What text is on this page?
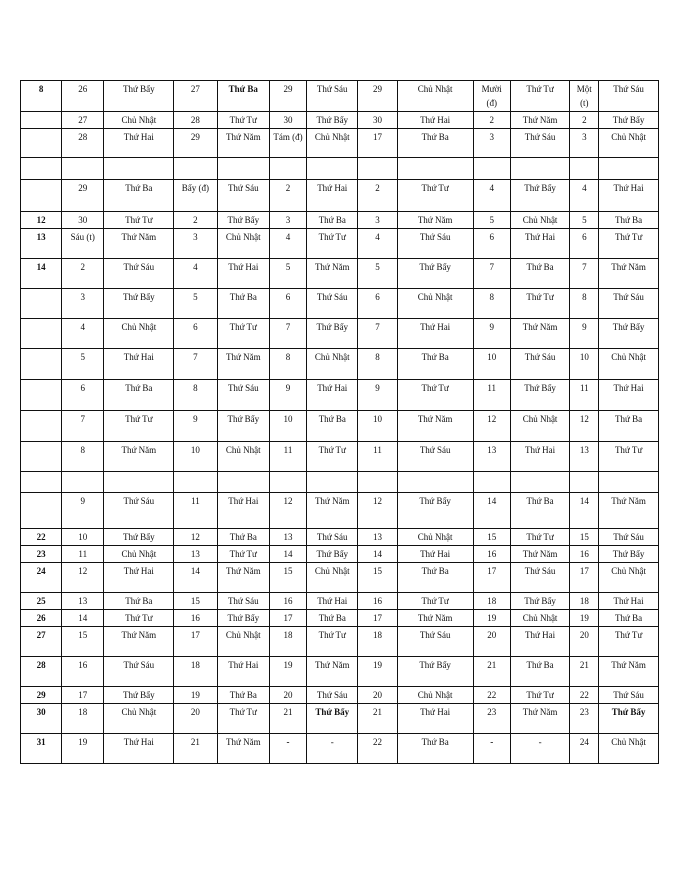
8	26	Thứ Bẩy	27	Thứ Ba	29	Thứ Sáu	29	Chủ Nhật	Mười (đ)	Thứ Tư	Một (t)	Thứ Sáu
	27	Chủ Nhật	28	Thứ Tư	30	Thứ Bẩy	30	Thứ Hai	2	Thứ Năm	2	Thứ Bẩy
	28	Thứ Hai	29	Thứ Năm	Tám (đ)	Chủ Nhật	17	Thứ Ba	3	Thứ Sáu	3	Chủ Nhật

	29	Thứ Ba	Bẩy (đ)	Thứ Sáu	2	Thứ Hai	2	Thứ Tư	4	Thứ Bẩy	4	Thứ Hai
12	30	Thứ Tư	2	Thứ Bẩy	3	Thứ Ba	3	Thứ Năm	5	Chủ Nhật	5	Thứ Ba
13	Sáu (t)	Thứ Năm	3	Chủ Nhật	4	Thứ Tư	4	Thứ Sáu	6	Thứ Hai	6	Thứ Tư
14	2	Thứ Sáu	4	Thứ Hai	5	Thứ Năm	5	Thứ Bẩy	7	Thứ Ba	7	Thứ Năm
	3	Thứ Bẩy	5	Thứ Ba	6	Thứ Sáu	6	Chủ Nhật	8	Thứ Tư	8	Thứ Sáu
	4	Chủ Nhật	6	Thứ Tư	7	Thứ Bẩy	7	Thứ Hai	9	Thứ Năm	9	Thứ Bẩy
	5	Thứ Hai	7	Thứ Năm	8	Chủ Nhật	8	Thứ Ba	10	Thứ Sáu	10	Chủ Nhật
	6	Thứ Ba	8	Thứ Sáu	9	Thứ Hai	9	Thứ Tư	11	Thứ Bẩy	11	Thứ Hai
	7	Thứ Tư	9	Thứ Bẩy	10	Thứ Ba	10	Thứ Năm	12	Chủ Nhật	12	Thứ Ba
	8	Thứ Năm	10	Chủ Nhật	11	Thứ Tư	11	Thứ Sáu	13	Thứ Hai	13	Thứ Tư

	9	Thứ Sáu	11	Thứ Hai	12	Thứ Năm	12	Thứ Bẩy	14	Thứ Ba	14	Thứ Năm
22	10	Thứ Bẩy	12	Thứ Ba	13	Thứ Sáu	13	Chủ Nhật	15	Thứ Tư	15	Thứ Sáu
23	11	Chủ Nhật	13	Thứ Tư	14	Thứ Bẩy	14	Thứ Hai	16	Thứ Năm	16	Thứ Bẩy
24	12	Thứ Hai	14	Thứ Năm	15	Chủ Nhật	15	Thứ Ba	17	Thứ Sáu	17	Chủ Nhật
25	13	Thứ Ba	15	Thứ Sáu	16	Thứ Hai	16	Thứ Tư	18	Thứ Bẩy	18	Thứ Hai
26	14	Thứ Tư	16	Thứ Bẩy	17	Thứ Ba	17	Thứ Năm	19	Chủ Nhật	19	Thứ Ba
27	15	Thứ Năm	17	Chủ Nhật	18	Thứ Tư	18	Thứ Sáu	20	Thứ Hai	20	Thứ Tư
28	16	Thứ Sáu	18	Thứ Hai	19	Thứ Năm	19	Thứ Bẩy	21	Thứ Ba	21	Thứ Năm
29	17	Thứ Bẩy	19	Thứ Ba	20	Thứ Sáu	20	Chủ Nhật	22	Thứ Tư	22	Thứ Sáu
30	18	Chủ Nhật	20	Thứ Tư	21	Thứ Bẩy	21	Thứ Hai	23	Thứ Năm	23	Thứ Bẩy
31	19	Thứ Hai	21	Thứ Năm	-	-	22	Thứ Ba	-	-	24	Chủ Nhật
